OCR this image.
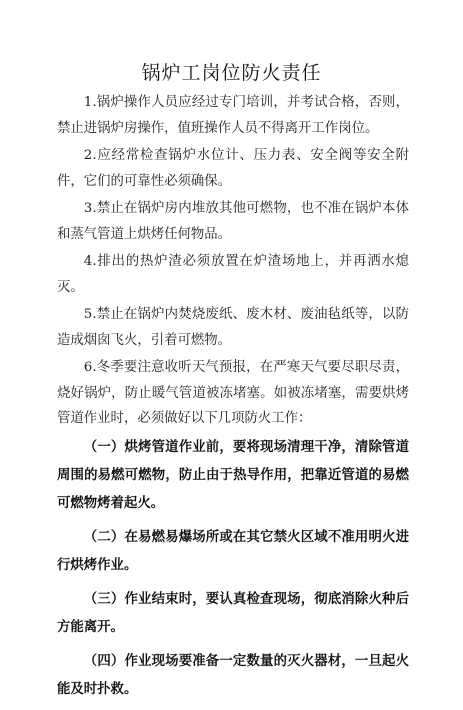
锅炉工岗位防火责任

1.锅炉操作人员应经过专门培训，并考试合格，否则，禁止进锅炉房操作，值班操作人员不得离开工作岗位。

2.应经常检查锅炉水位计、压力表、安全阀等安全附件，它们的可靠性必须确保。

3.禁止在锅炉房内堆放其他可燃物，也不准在锅炉本体和蒸气管道上烘烤任何物品。

4.排出的热炉渣必须放置在炉渣场地上，并再洒水熄灭。

5.禁止在锅炉内焚烧废纸、废木材、废油毡纸等，以防造成烟囱飞火，引着可燃物。

6.冬季要注意收听天气预报，在严寒天气要尽职尽责，烧好锅炉，防止暖气管道被冻堵塞。如被冻堵塞，需要烘烤管道作业时，必须做好以下几项防火工作：

（一）烘烤管道作业前，要将现场清理干净，清除管道周围的易燃可燃物，防止由于热导作用，把靠近管道的易燃可燃物烤着起火。

（二）在易燃易爆场所或在其它禁火区域不准用明火进行烘烤作业。

（三）作业结束时，要认真检查现场，彻底消除火种后方能离开。

（四）作业现场要准备一定数量的灭火器材，一旦起火能及时扑救。
